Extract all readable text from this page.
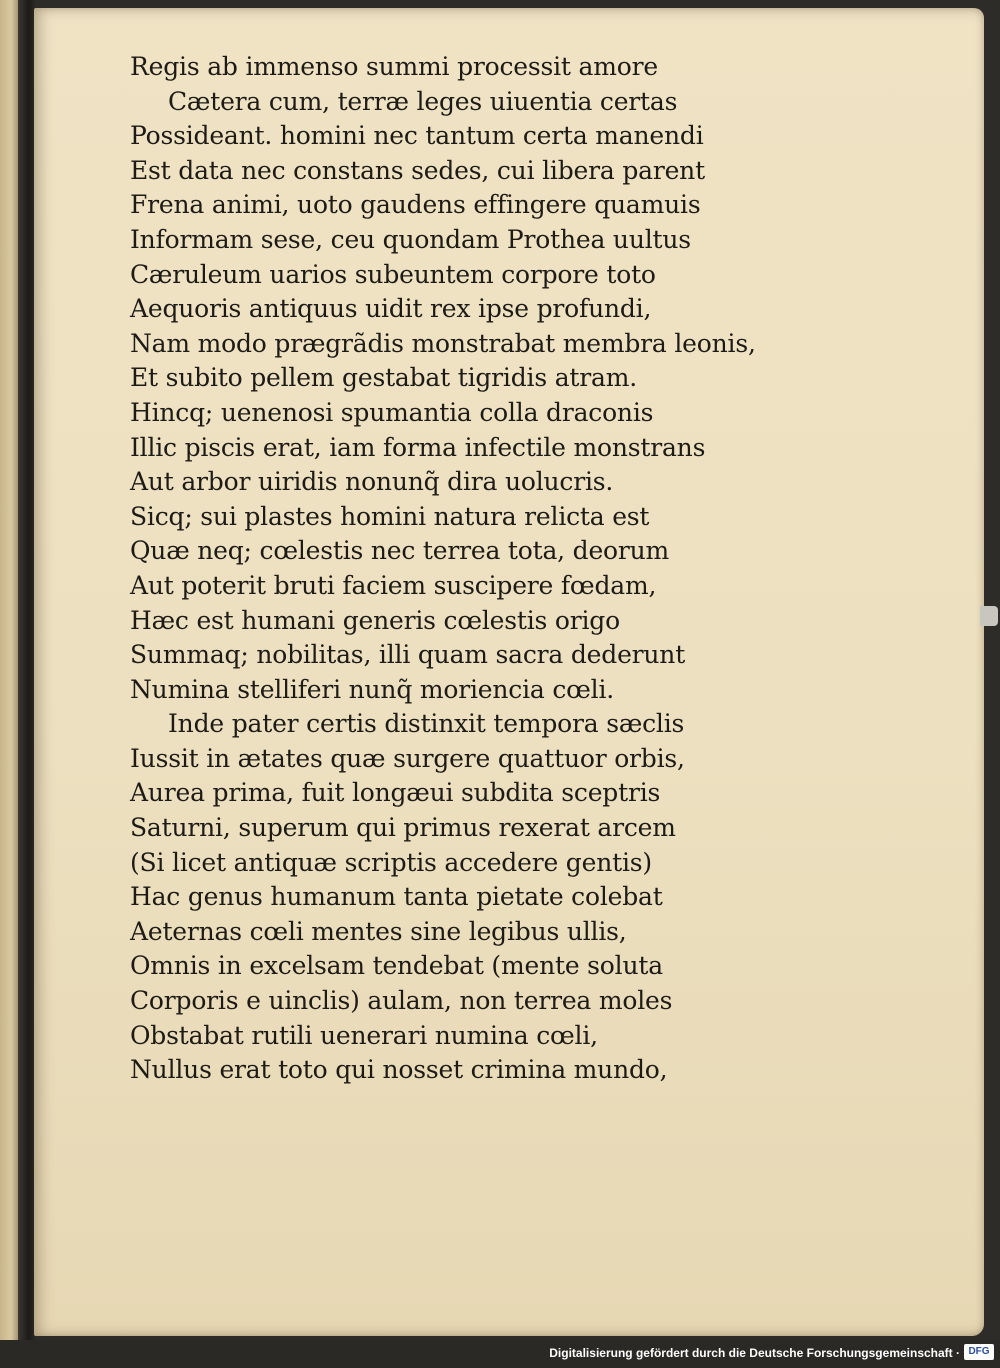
Regis ab immenso summi processit amore
Cætera cum, terræ leges uiuentia certas
Possideant. homini nec tantum certa manendi
Est data nec constans sedes, cui libera parent
Frena animi, uoto gaudens effingere quamuis
Informam sese, ceu quondam Prothea uultus
Cæruleum uarios subeuntem corpore toto
Aequoris antiquus uidit rex ipse profundi,
Nam modo prægrãdis monstrabat membra leonis,
Et subito pellem gestabat tigridis atram.
Hincq; uenenosi spumantia colla draconis
Illic piscis erat, iam forma infectile monstrans
Aut arbor uiridis nonunq̃ dira uolucris.
Sicq; sui plastes homini natura relicta est
Quæ neq; cœlestis nec terrea tota, deorum
Aut poterit bruti faciem suscipere fœdam,
Hæc est humani generis cœlestis origo
Summaq; nobilitas, illi quam sacra dederunt
Numina stelliferi nunq̃ moriencia cœli.
Inde pater certis distinxit tempora sæclis
Iussit in ætates quæ surgere quattuor orbis,
Aurea prima, fuit longæui subdita sceptris
Saturni, superum qui primus rexerat arcem
(Si licet antiquæ scriptis accedere gentis)
Hac genus humanum tanta pietate colebat
Aeternas cœli mentes sine legibus ullis,
Omnis in excelsam tendebat (mente soluta
Corporis e uinclis) aulam, non terrea moles
Obstabat rutili uenerari numina cœli,
Nullus erat toto qui nosset crimina mundo,
Digitalisierung gefördert durch die Deutsche Forschungsgemeinschaft · DFG
